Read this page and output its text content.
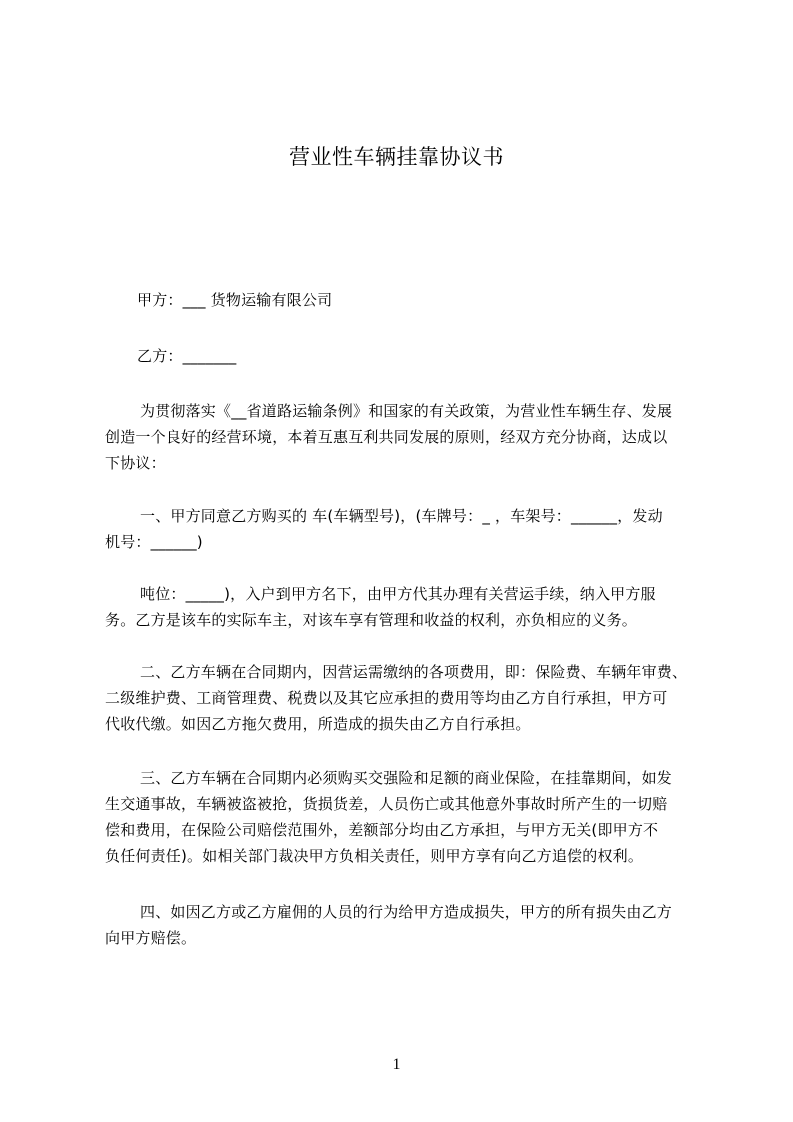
营业性车辆挂靠协议书
甲方：___ 货物运输有限公司
乙方：_______
为贯彻落实《__省道路运输条例》和国家的有关政策，为营业性车辆生存、发展
创造一个良好的经营环境，本着互惠互利共同发展的原则，经双方充分协商，达成以
下协议：
一、甲方同意乙方购买的 车(车辆型号)，(车牌号：_ ，车架号：______，发动
机号：______)
吨位：_____)，入户到甲方名下，由甲方代其办理有关营运手续，纳入甲方服
务。乙方是该车的实际车主，对该车享有管理和收益的权利，亦负相应的义务。
二、乙方车辆在合同期内，因营运需缴纳的各项费用，即：保险费、车辆年审费、
二级维护费、工商管理费、税费以及其它应承担的费用等均由乙方自行承担，甲方可
代收代缴。如因乙方拖欠费用，所造成的损失由乙方自行承担。
三、乙方车辆在合同期内必须购买交强险和足额的商业保险，在挂靠期间，如发
生交通事故，车辆被盗被抢，货损货差，人员伤亡或其他意外事故时所产生的一切赔
偿和费用，在保险公司赔偿范围外，差额部分均由乙方承担，与甲方无关(即甲方不
负任何责任)。如相关部门裁决甲方负相关责任，则甲方享有向乙方追偿的权利。
四、如因乙方或乙方雇佣的人员的行为给甲方造成损失，甲方的所有损失由乙方
向甲方赔偿。
1
